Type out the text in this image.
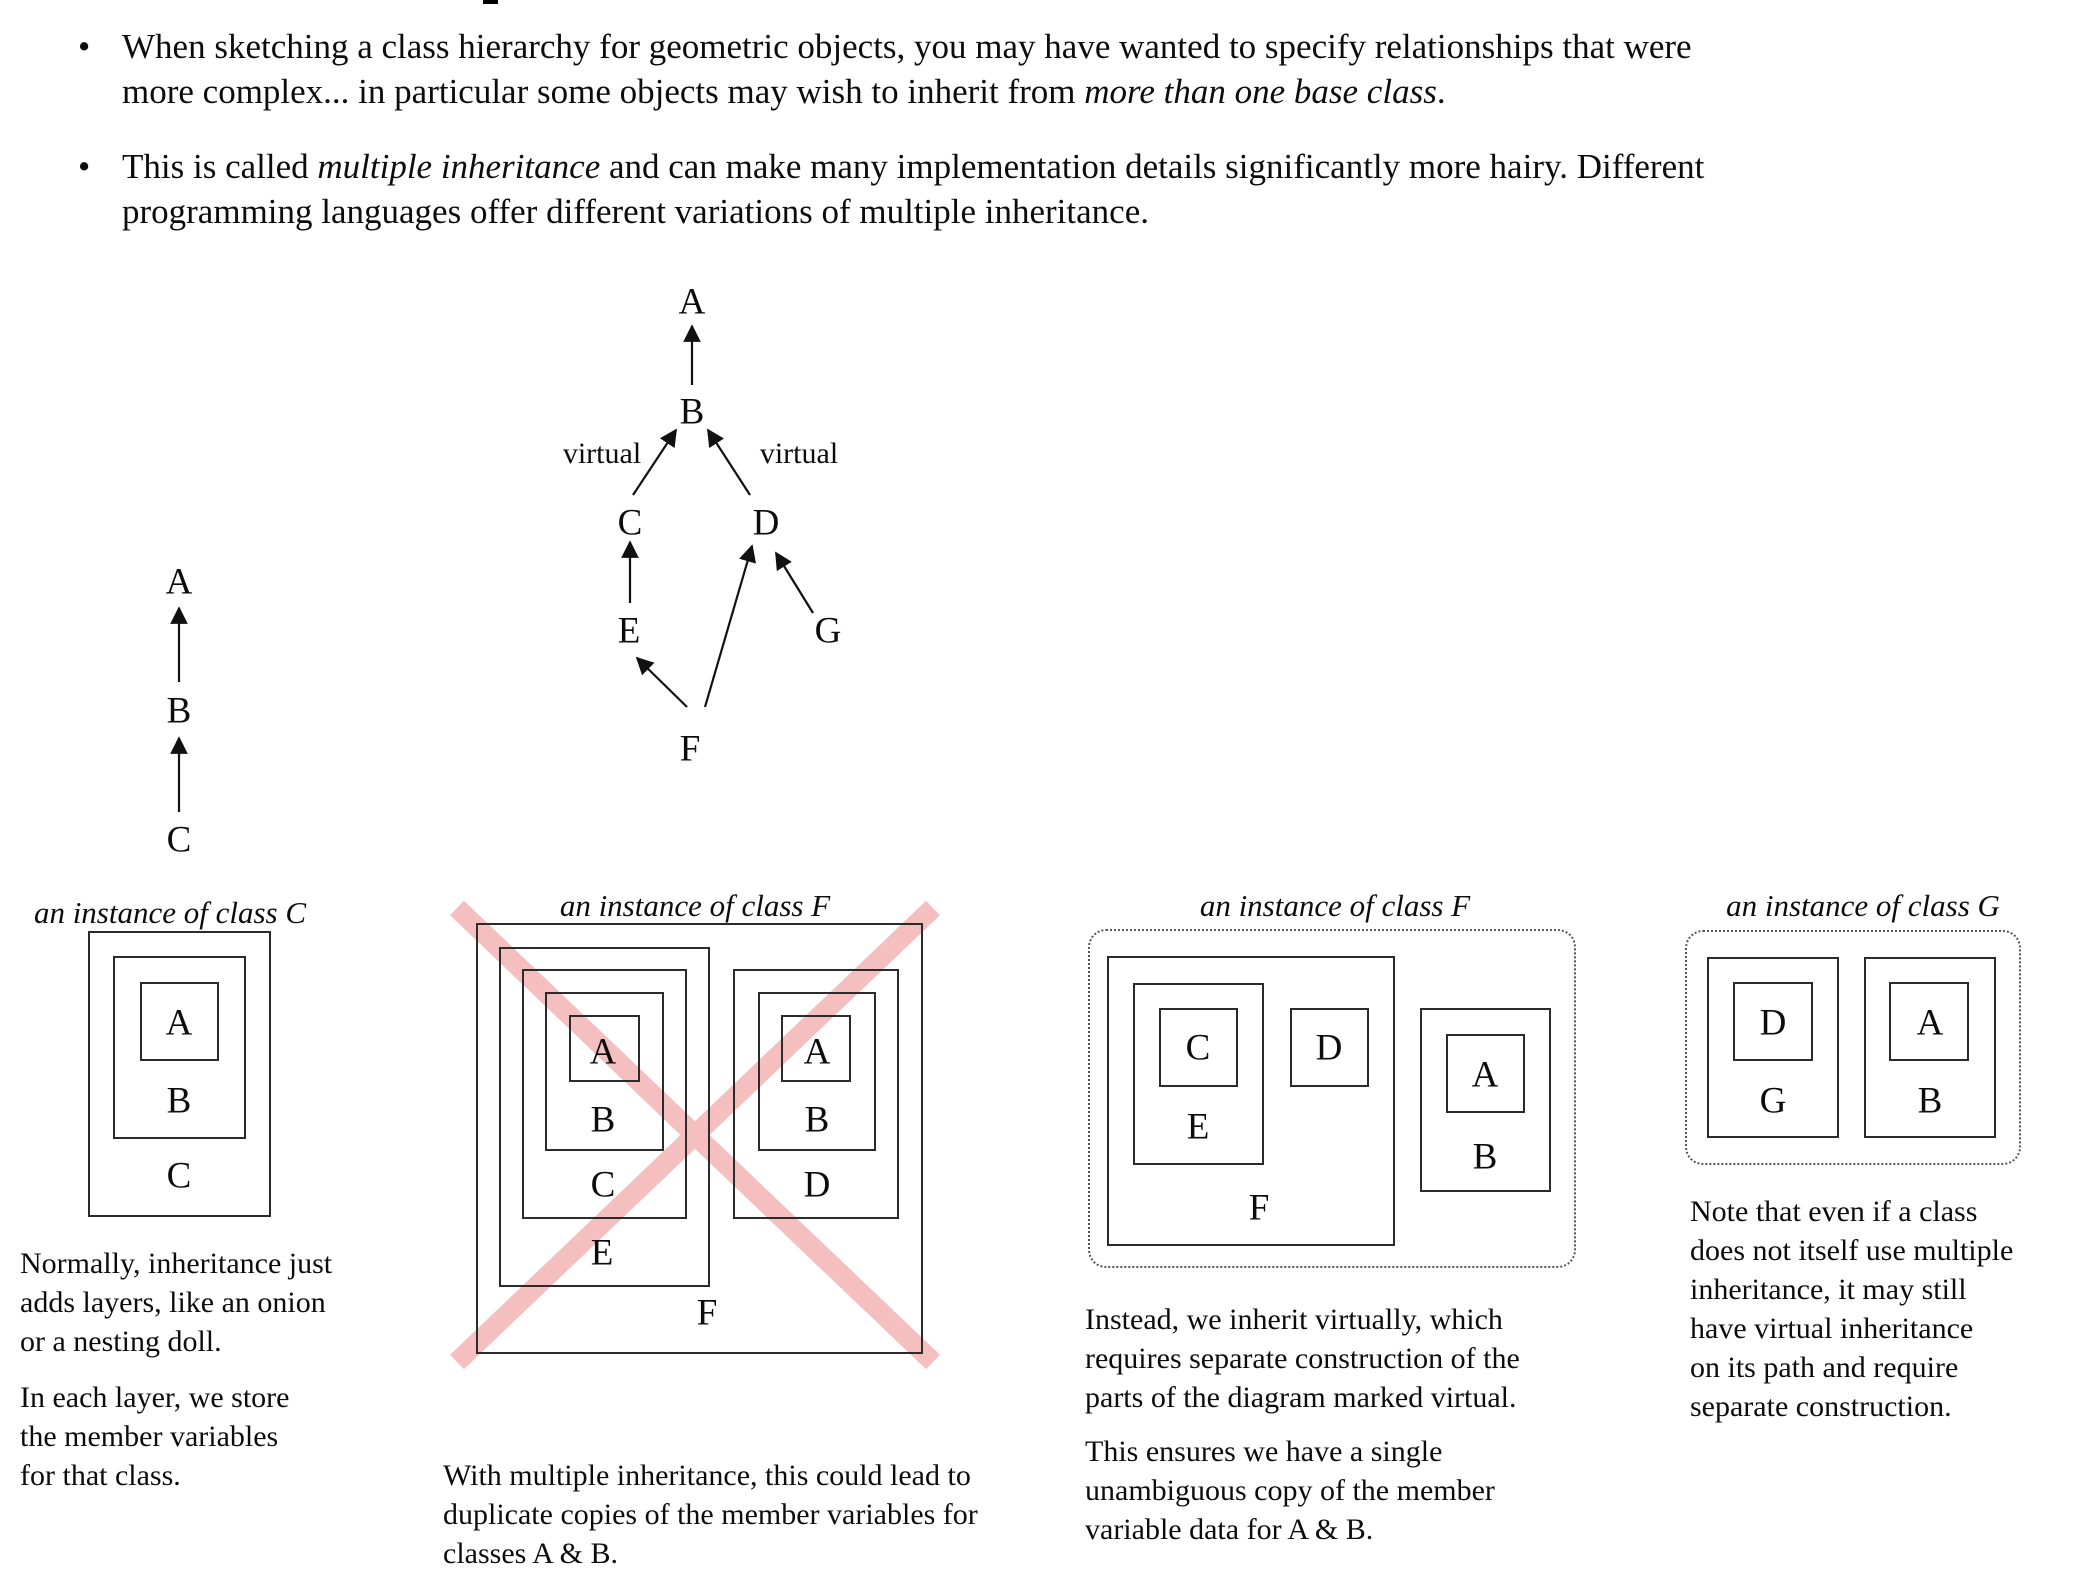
• When sketching a class hierarchy for geometric objects, you may have wanted to specify relationships that were
more complex... in particular some objects may wish to inherit from more than one base class.
• This is called multiple inheritance and can make many implementation details significantly more hairy. Different
programming languages offer different variations of multiple inheritance.
A
B
C
A
B
C	D
E	G
F
virtual	virtual
an instance of class C
A
B
C
Normally, inheritance just
adds layers, like an onion
or a nesting doll.
In each layer, we store
the member variables
for that class.
an instance of class F
A
B
C
E
A
B
D
F
With multiple inheritance, this could lead to
duplicate copies of the member variables for
classes A & B.
an instance of class F
C
E
D
F
A
B
Instead, we inherit virtually, which
requires separate construction of the
parts of the diagram marked virtual.
This ensures we have a single
unambiguous copy of the member
variable data for A & B.
an instance of class G
D
G
A
B
Note that even if a class
does not itself use multiple
inheritance, it may still
have virtual inheritance
on its path and require
separate construction.
